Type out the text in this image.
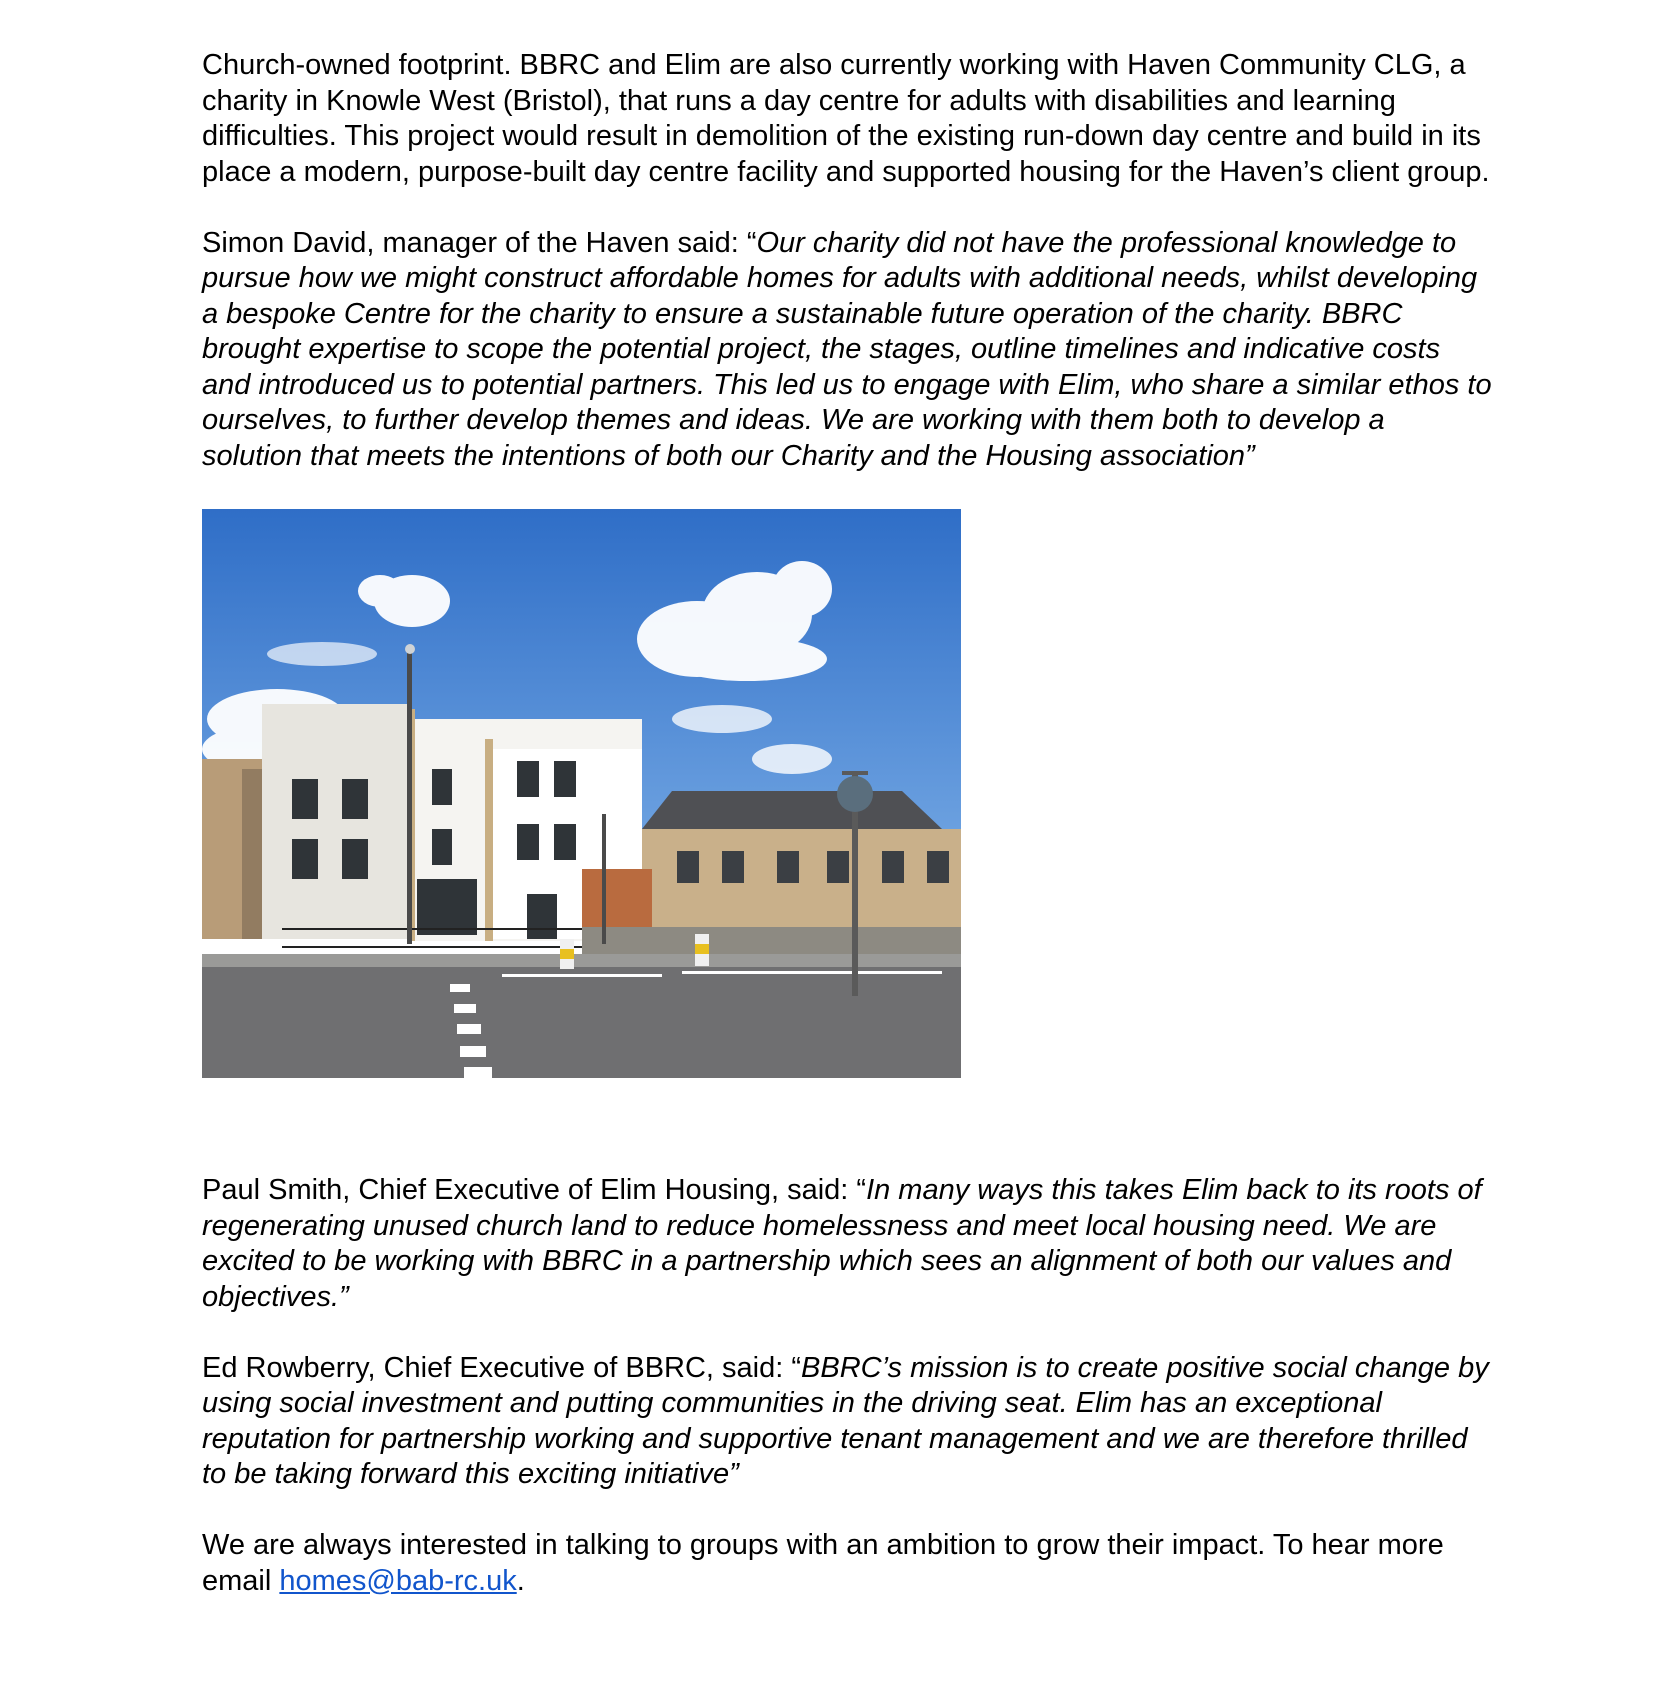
Church-owned footprint. BBRC and Elim are also currently working with Haven Community CLG, a charity in Knowle West (Bristol), that runs a day centre for adults with disabilities and learning difficulties. This project would result in demolition of the existing run-down day centre and build in its place a modern, purpose-built day centre facility and supported housing for the Haven’s client group.

Simon David, manager of the Haven said: “Our charity did not have the professional knowledge to pursue how we might construct affordable homes for adults with additional needs, whilst developing a bespoke Centre for the charity to ensure a sustainable future operation of the charity. BBRC brought expertise to scope the potential project, the stages, outline timelines and indicative costs and introduced us to potential partners. This led us to engage with Elim, who share a similar ethos to ourselves, to further develop themes and ideas. We are working with them both to develop a solution that meets the intentions of both our Charity and the Housing association”

Paul Smith, Chief Executive of Elim Housing, said: “In many ways this takes Elim back to its roots of regenerating unused church land to reduce homelessness and meet local housing need. We are excited to be working with BBRC in a partnership which sees an alignment of both our values and objectives.”

Ed Rowberry, Chief Executive of BBRC, said: “BBRC’s mission is to create positive social change by using social investment and putting communities in the driving seat. Elim has an exceptional reputation for partnership working and supportive tenant management and we are therefore thrilled to be taking forward this exciting initiative”

We are always interested in talking to groups with an ambition to grow their impact. To hear more email homes@bab-rc.uk.
